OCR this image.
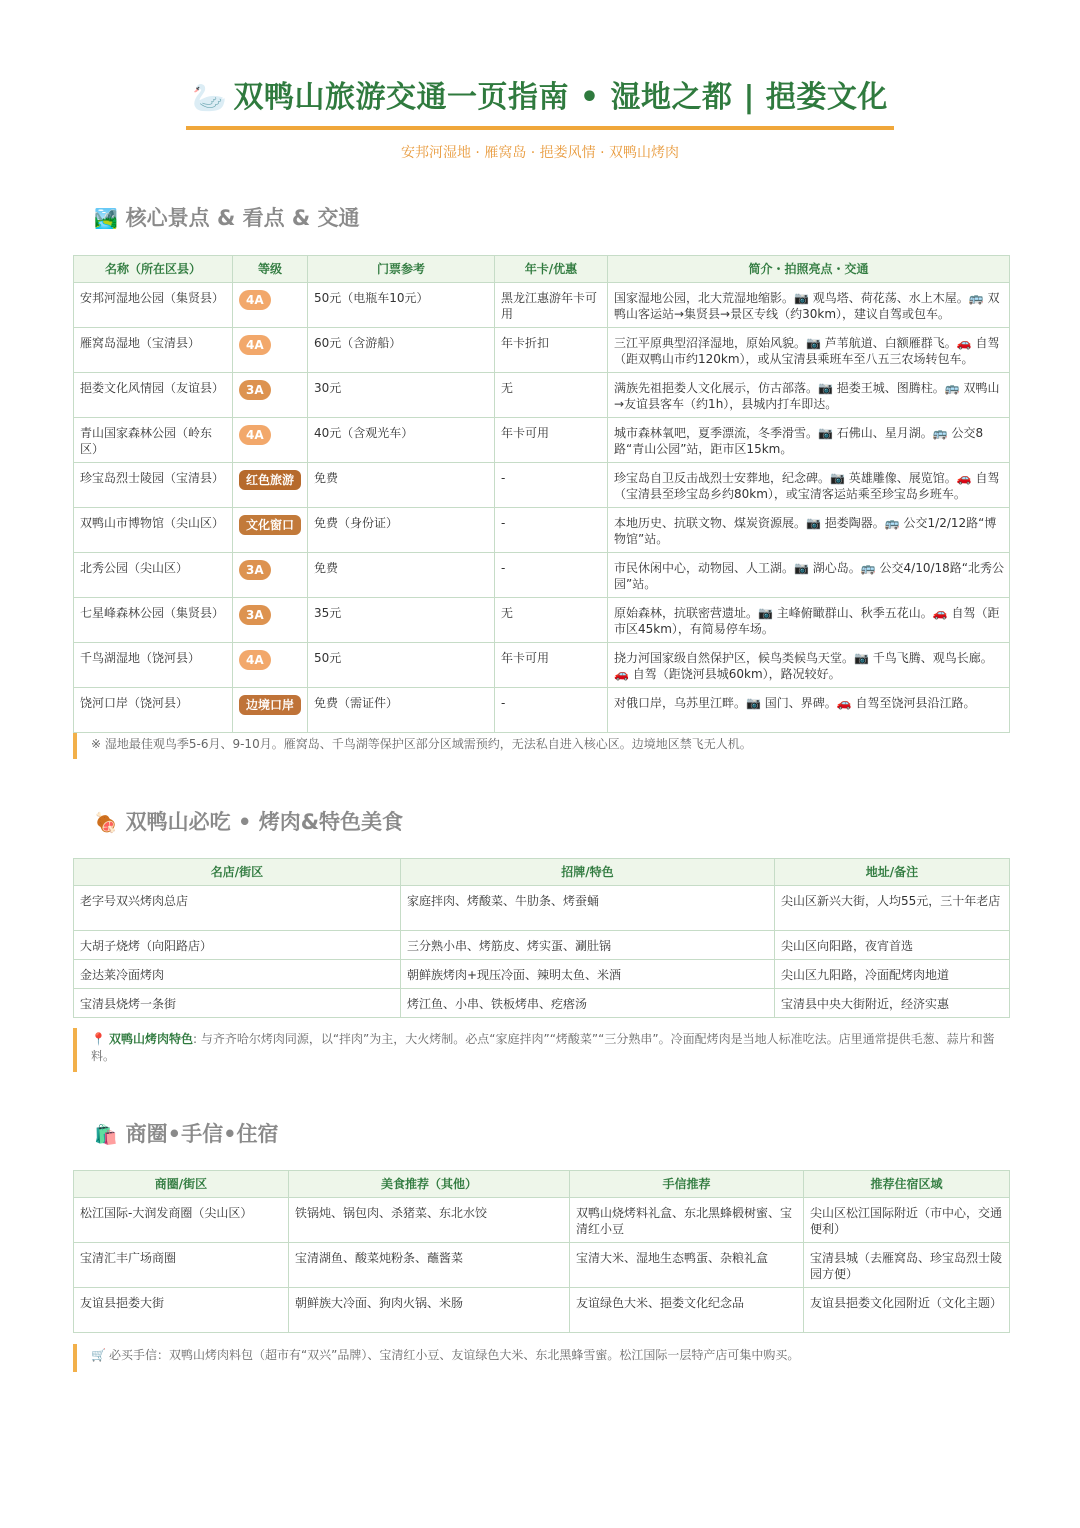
🦢 双鸭山旅游交通一页指南 • 湿地之都 | 挹娄文化
安邦河湿地 · 雁窝岛 · 挹娄风情 · 双鸭山烤肉
🏞️ 核心景点 & 看点 & 交通
名称（所在区县）	等级	门票参考	年卡/优惠	简介・拍照亮点・交通
安邦河湿地公园（集贤县）	4A	50元（电瓶车10元）	黑龙江惠游年卡可用	国家湿地公园，北大荒湿地缩影。📷 观鸟塔、荷花荡、水上木屋。🚌 双鸭山客运站→集贤县→景区专线（约30km），建议自驾或包车。
雁窝岛湿地（宝清县）	4A	60元（含游船）	年卡折扣	三江平原典型沼泽湿地，原始风貌。📷 芦苇航道、白额雁群飞。🚗 自驾（距双鸭山市约120km），或从宝清县乘班车至八五三农场转包车。
挹娄文化风情园（友谊县）	3A	30元	无	满族先祖挹娄人文化展示，仿古部落。📷 挹娄王城、图腾柱。🚌 双鸭山→友谊县客车（约1h），县城内打车即达。
青山国家森林公园（岭东区）	4A	40元（含观光车）	年卡可用	城市森林氧吧，夏季漂流，冬季滑雪。📷 石佛山、星月湖。🚌 公交8路“青山公园”站，距市区15km。
珍宝岛烈士陵园（宝清县）	红色旅游	免费	-	珍宝岛自卫反击战烈士安葬地，纪念碑。📷 英雄雕像、展览馆。🚗 自驾（宝清县至珍宝岛乡约80km），或宝清客运站乘至珍宝岛乡班车。
双鸭山市博物馆（尖山区）	文化窗口	免费（身份证）	-	本地历史、抗联文物、煤炭资源展。📷 挹娄陶器。🚌 公交1/2/12路“博物馆”站。
北秀公园（尖山区）	3A	免费	-	市民休闲中心，动物园、人工湖。📷 湖心岛。🚌 公交4/10/18路“北秀公园”站。
七星峰森林公园（集贤县）	3A	35元	无	原始森林，抗联密营遗址。📷 主峰俯瞰群山、秋季五花山。🚗 自驾（距市区45km），有简易停车场。
千鸟湖湿地（饶河县）	4A	50元	年卡可用	挠力河国家级自然保护区，候鸟类候鸟天堂。📷 千鸟飞腾、观鸟长廊。🚗 自驾（距饶河县城60km），路况较好。
饶河口岸（饶河县）	边境口岸	免费（需证件）	-	对俄口岸，乌苏里江畔。📷 国门、界碑。🚗 自驾至饶河县沿江路。
※ 湿地最佳观鸟季5-6月、9-10月。雁窝岛、千鸟湖等保护区部分区域需预约，无法私自进入核心区。边境地区禁飞无人机。
🍖 双鸭山必吃 • 烤肉&特色美食
名店/街区	招牌/特色	地址/备注
老字号双兴烤肉总店	家庭拌肉、烤酸菜、牛肋条、烤蚕蛹	尖山区新兴大街，人均55元，三十年老店
大胡子烧烤（向阳路店）	三分熟小串、烤筋皮、烤实蛋、涮肚锅	尖山区向阳路，夜宵首选
金达莱冷面烤肉	朝鲜族烤肉+现压冷面、辣明太鱼、米酒	尖山区九阳路，冷面配烤肉地道
宝清县烧烤一条街	烤江鱼、小串、铁板烤串、疙瘩汤	宝清县中央大街附近，经济实惠
📍 双鸭山烤肉特色: 与齐齐哈尔烤肉同源，以“拌肉”为主，大火烤制。必点“家庭拌肉”“烤酸菜”“三分熟串”。冷面配烤肉是当地人标准吃法。店里通常提供毛葱、蒜片和酱料。
🛍️ 商圈•手信•住宿
商圈/街区	美食推荐（其他）	手信推荐	推荐住宿区域
松江国际-大润发商圈（尖山区）	铁锅炖、锅包肉、杀猪菜、东北水饺	双鸭山烧烤料礼盒、东北黑蜂椴树蜜、宝清红小豆	尖山区松江国际附近（市中心，交通便利）
宝清汇丰广场商圈	宝清湖鱼、酸菜炖粉条、蘸酱菜	宝清大米、湿地生态鸭蛋、杂粮礼盒	宝清县城（去雁窝岛、珍宝岛烈士陵园方便）
友谊县挹娄大街	朝鲜族大冷面、狗肉火锅、米肠	友谊绿色大米、挹娄文化纪念品	友谊县挹娄文化园附近（文化主题）
🛒 必买手信：双鸭山烤肉料包（超市有“双兴”品牌）、宝清红小豆、友谊绿色大米、东北黑蜂雪蜜。松江国际一层特产店可集中购买。
